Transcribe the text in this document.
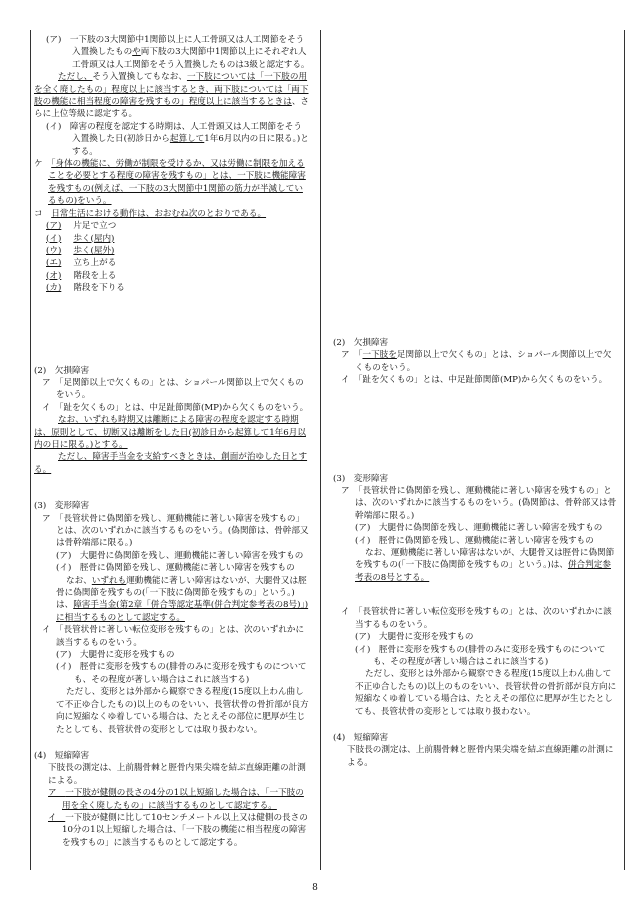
(ア)　一下肢の3大関節中1関節以上に人工骨頭又は人工関節をそう入置換したものや両下肢の3大関節中1関節以上にそれぞれ人工骨頭又は人工関節をそう入置換したものは3級と認定する。

ただし、そう入置換してもなお、一下肢については「一下肢の用を全く廃したもの」程度以上に該当するとき、両下肢については「両下肢の機能に相当程度の障害を残すもの」程度以上に該当するときは、さらに上位等級に認定する。

(イ)　障害の程度を認定する時期は、人工骨頭又は人工関節をそう入置換した日(初診日から起算して1年6月以内の日に限る。)とする。

ケ　「身体の機能に、労働が制限を受けるか、又は労働に制限を加えることを必要とする程度の障害を残すもの」とは、一下肢に機能障害を残すもの(例えば、一下肢の3大関節中1関節の筋力が半減しているもの)をいう。

コ　日常生活における動作は、おおむね次のとおりである。

(ア) 片足で立つ

(イ) 歩く(屋内)

(ウ) 歩く(屋外)

(エ) 立ち上がる

(オ) 階段を上る

(カ) 階段を下りる

(2)　欠損障害

ア　「足関節以上で欠くもの」とは、ショパール関節以上で欠くものをいう。

イ　「趾を欠くもの」とは、中足趾節関節(MP)から欠くものをいう。

なお、いずれも時期又は離断による障害の程度を認定する時期は、原則として、切断又は離断をした日(初診日から起算して1年6月以内の日に限る。)とする。

ただし、障害手当金を支給すべきときは、創面が治ゆした日とする。

(3)　変形障害

ア　「長管状骨に偽関節を残し、運動機能に著しい障害を残すもの」とは、次のいずれかに該当するものをいう。(偽関節は、骨幹部又は骨幹端部に限る。)

(ア)　大腿骨に偽関節を残し、運動機能に著しい障害を残すもの

(イ)　脛骨に偽関節を残し、運動機能に著しい障害を残すもの

なお、いずれも運動機能に著しい障害はないが、大腿骨又は脛骨に偽関節を残すもの(「一下肢に偽関節を残すもの」という。)は、障害手当金(第2章「併合等認定基準(併合判定参考表の8号)」)に相当するものとして認定する。

イ　「長管状骨に著しい転位変形を残すもの」とは、次のいずれかに該当するものをいう。

(ア)　大腿骨に変形を残すもの

(イ)　脛骨に変形を残すもの(腓骨のみに変形を残すものについても、その程度が著しい場合はこれに該当する)

ただし、変形とは外部から観察できる程度(15度以上わん曲して不正ゆ合したもの)以上のものをいい、長管状骨の骨折部が良方向に短縮なくゆ着している場合は、たとえその部位に肥厚が生じたとしても、長管状骨の変形としては取り扱わない。

(4)　短縮障害

下肢長の測定は、上前腸骨棘と脛骨内果尖端を結ぶ直線距離の計測による。

ア　一下肢が健側の長さの4分の1以上短縮した場合は、「一下肢の用を全く廃したもの」に該当するものとして認定する。

イ　一下肢が健側に比して10センチメートル以上又は健側の長さの10分の1以上短縮した場合は、「一下肢の機能に相当程度の障害を残すもの」に該当するものとして認定する。

(2)　欠損障害

ア　「一下肢を足関節以上で欠くもの」とは、ショパール関節以上で欠くものをいう。

イ　「趾を欠くもの」とは、中足趾節関節(MP)から欠くものをいう。

(3)　変形障害

ア　「長管状骨に偽関節を残し、運動機能に著しい障害を残すもの」とは、次のいずれかに該当するものをいう。(偽関節は、骨幹部又は骨幹端部に限る。)

(ア)　大腿骨に偽関節を残し、運動機能に著しい障害を残すもの

(イ)　脛骨に偽関節を残し、運動機能に著しい障害を残すもの

なお、運動機能に著しい障害はないが、大腿骨又は脛骨に偽関節を残すもの(「一下肢に偽関節を残すもの」という。)は、併合判定参考表の8号とする。

イ　「長管状骨に著しい転位変形を残すもの」とは、次のいずれかに該当するものをいう。

(ア)　大腿骨に変形を残すもの

(イ)　脛骨に変形を残すもの(腓骨のみに変形を残すものについても、その程度が著しい場合はこれに該当する)

ただし、変形とは外部から観察できる程度(15度以上わん曲して不正ゆ合したもの)以上のものをいい、長管状骨の骨折部が良方向に短縮なくゆ着している場合は、たとえその部位に肥厚が生じたとしても、長管状骨の変形としては取り扱わない。

(4)　短縮障害

下肢長の測定は、上前腸骨棘と脛骨内果尖端を結ぶ直線距離の計測による。

8
